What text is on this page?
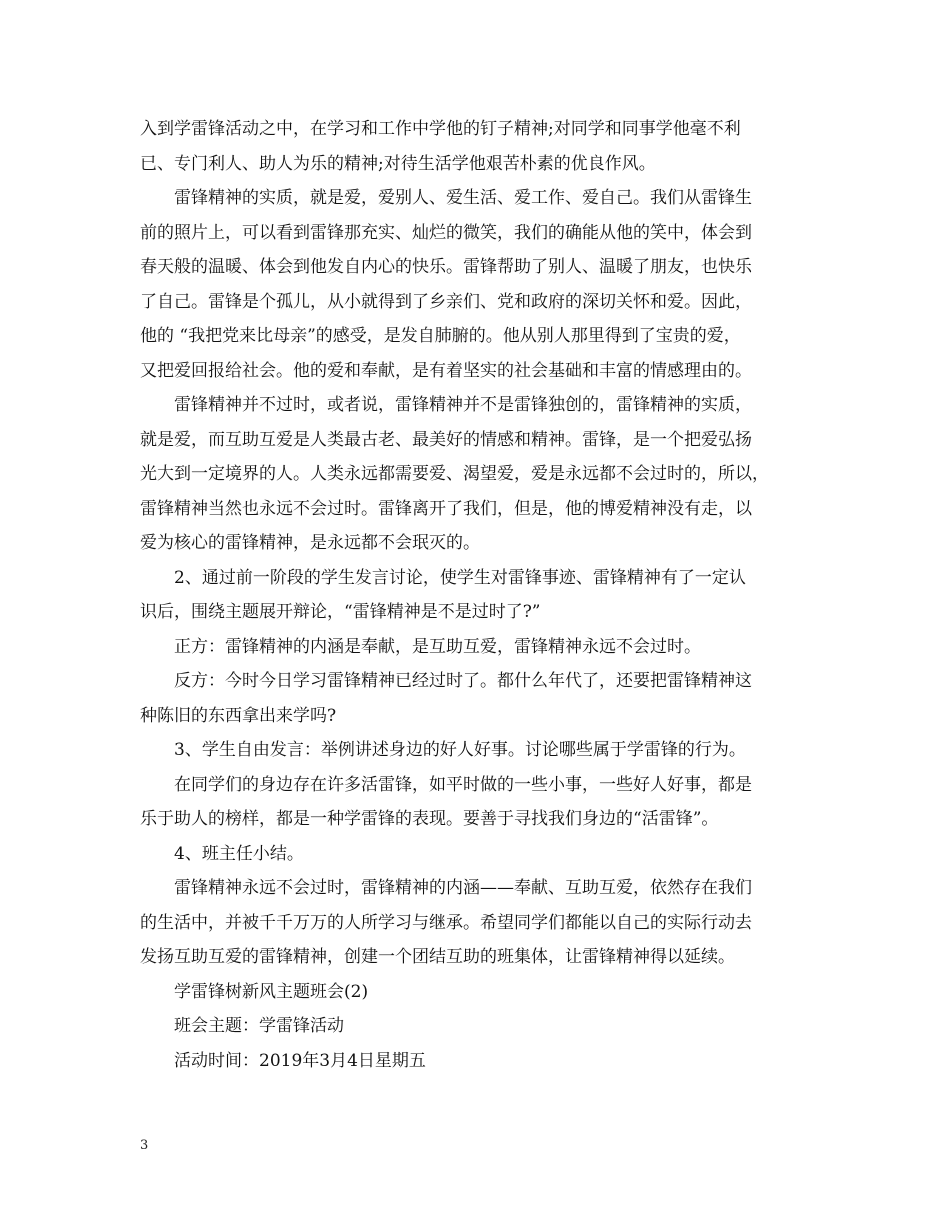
入到学雷锋活动之中，在学习和工作中学他的钉子精神;对同学和同事学他毫不利
已、专门利人、助人为乐的精神;对待生活学他艰苦朴素的优良作风。
雷锋精神的实质，就是爱，爱别人、爱生活、爱工作、爱自己。我们从雷锋生
前的照片上，可以看到雷锋那充实、灿烂的微笑，我们的确能从他的笑中，体会到
春天般的温暖、体会到他发自内心的快乐。雷锋帮助了别人、温暖了朋友，也快乐
了自己。雷锋是个孤儿，从小就得到了乡亲们、党和政府的深切关怀和爱。因此，
他的 “我把党来比母亲”的感受，是发自肺腑的。他从别人那里得到了宝贵的爱，
又把爱回报给社会。他的爱和奉献，是有着坚实的社会基础和丰富的情感理由的。
雷锋精神并不过时，或者说，雷锋精神并不是雷锋独创的，雷锋精神的实质，
就是爱，而互助互爱是人类最古老、最美好的情感和精神。雷锋，是一个把爱弘扬
光大到一定境界的人。人类永远都需要爱、渴望爱，爱是永远都不会过时的，所以，
雷锋精神当然也永远不会过时。雷锋离开了我们，但是，他的博爱精神没有走，以
爱为核心的雷锋精神，是永远都不会珉灭的。
2、通过前一阶段的学生发言讨论，使学生对雷锋事迹、雷锋精神有了一定认
识后，围绕主题展开辩论，“雷锋精神是不是过时了?”
正方：雷锋精神的内涵是奉献，是互助互爱，雷锋精神永远不会过时。
反方：今时今日学习雷锋精神已经过时了。都什么年代了，还要把雷锋精神这
种陈旧的东西拿出来学吗?
3、学生自由发言：举例讲述身边的好人好事。讨论哪些属于学雷锋的行为。
在同学们的身边存在许多活雷锋，如平时做的一些小事，一些好人好事，都是
乐于助人的榜样，都是一种学雷锋的表现。要善于寻找我们身边的“活雷锋”。
4、班主任小结。
雷锋精神永远不会过时，雷锋精神的内涵——奉献、互助互爱，依然存在我们
的生活中，并被千千万万的人所学习与继承。希望同学们都能以自己的实际行动去
发扬互助互爱的雷锋精神，创建一个团结互助的班集体，让雷锋精神得以延续。
学雷锋树新风主题班会(2)
班会主题：学雷锋活动
活动时间：2019年3月4日星期五
3
